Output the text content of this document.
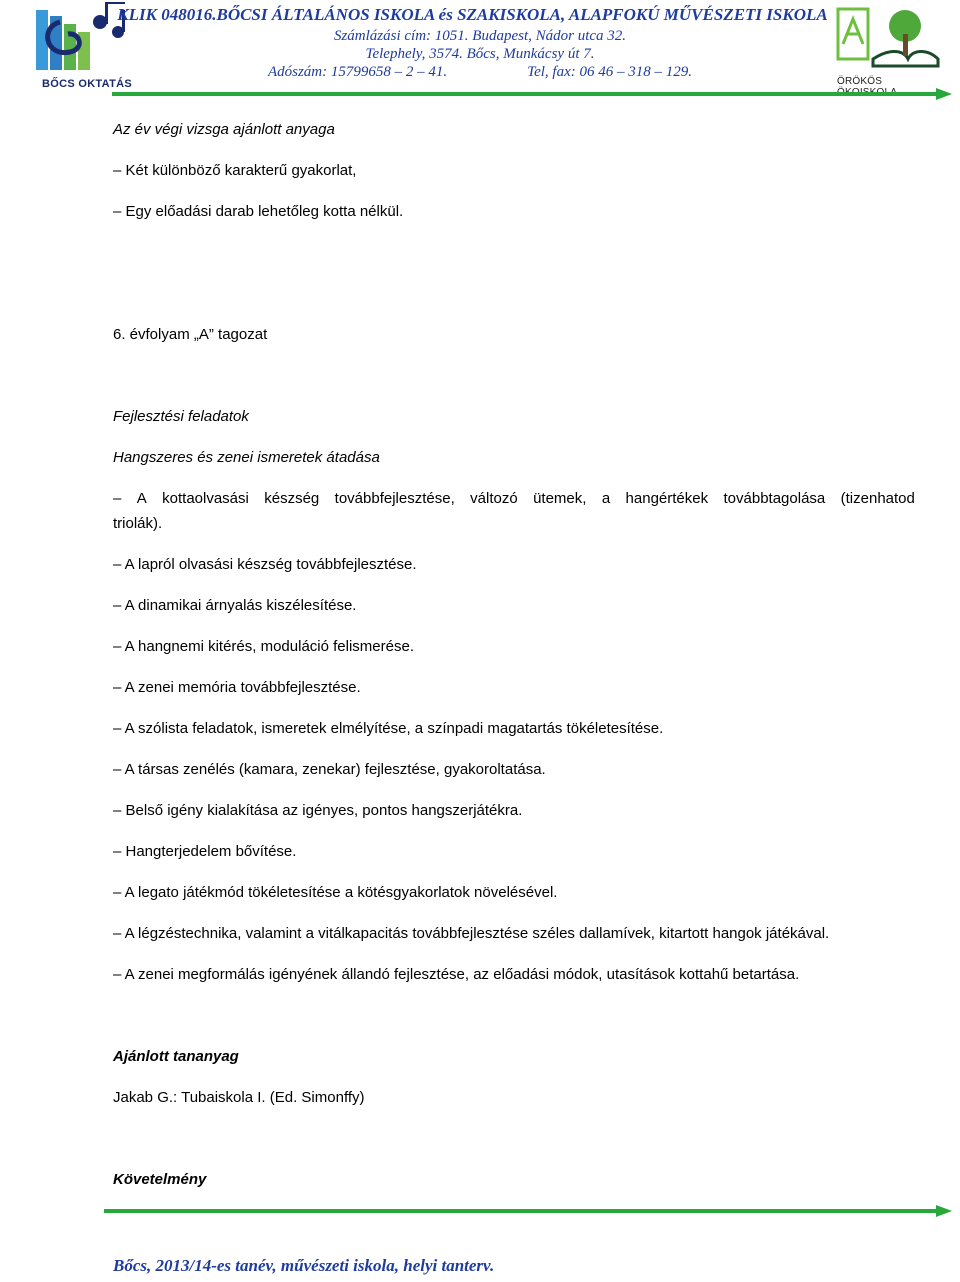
BŐCS OKTATÁS
KLIK 048016.BŐCSI ÁLTALÁNOS ISKOLA és SZAKISKOLA, ALAPFOKÚ MŰVÉSZETI ISKOLA
Számlázási cím: 1051. Budapest, Nádor utca 32.
Telephely, 3574. Bőcs, Munkácsy út 7.
Adószám: 15799658 – 2 – 41.	Tel, fax: 06 46 – 318 – 129.
ÖRÖKÖS
Az év végi vizsga ajánlott anyaga
– Két különböző karakterű gyakorlat,
– Egy előadási darab lehetőleg kotta nélkül.
6. évfolyam „A” tagozat
Fejlesztési feladatok
Hangszeres és zenei ismeretek átadása
– A kottaolvasási készség továbbfejlesztése, változó ütemek, a hangértékek továbbtagolása (tizenhatod
triolák).
– A lapról olvasási készség továbbfejlesztése.
– A dinamikai árnyalás kiszélesítése.
– A hangnemi kitérés, moduláció felismerése.
– A zenei memória továbbfejlesztése.
– A szólista feladatok, ismeretek elmélyítése, a színpadi magatartás tökéletesítése.
– A társas zenélés (kamara, zenekar) fejlesztése, gyakoroltatása.
– Belső igény kialakítása az igényes, pontos hangszerjátékra.
– Hangterjedelem bővítése.
– A legato játékmód tökéletesítése a kötésgyakorlatok növelésével.
– A légzéstechnika, valamint a vitálkapacitás továbbfejlesztése széles dallamívek, kitartott hangok játékával.
– A zenei megformálás igényének állandó fejlesztése, az előadási módok, utasítások kottahű betartása.
Ajánlott tananyag
Jakab G.: Tubaiskola I. (Ed. Simonffy)
Követelmény
Bőcs, 2013/14-es tanév, művészeti iskola, helyi tanterv.
